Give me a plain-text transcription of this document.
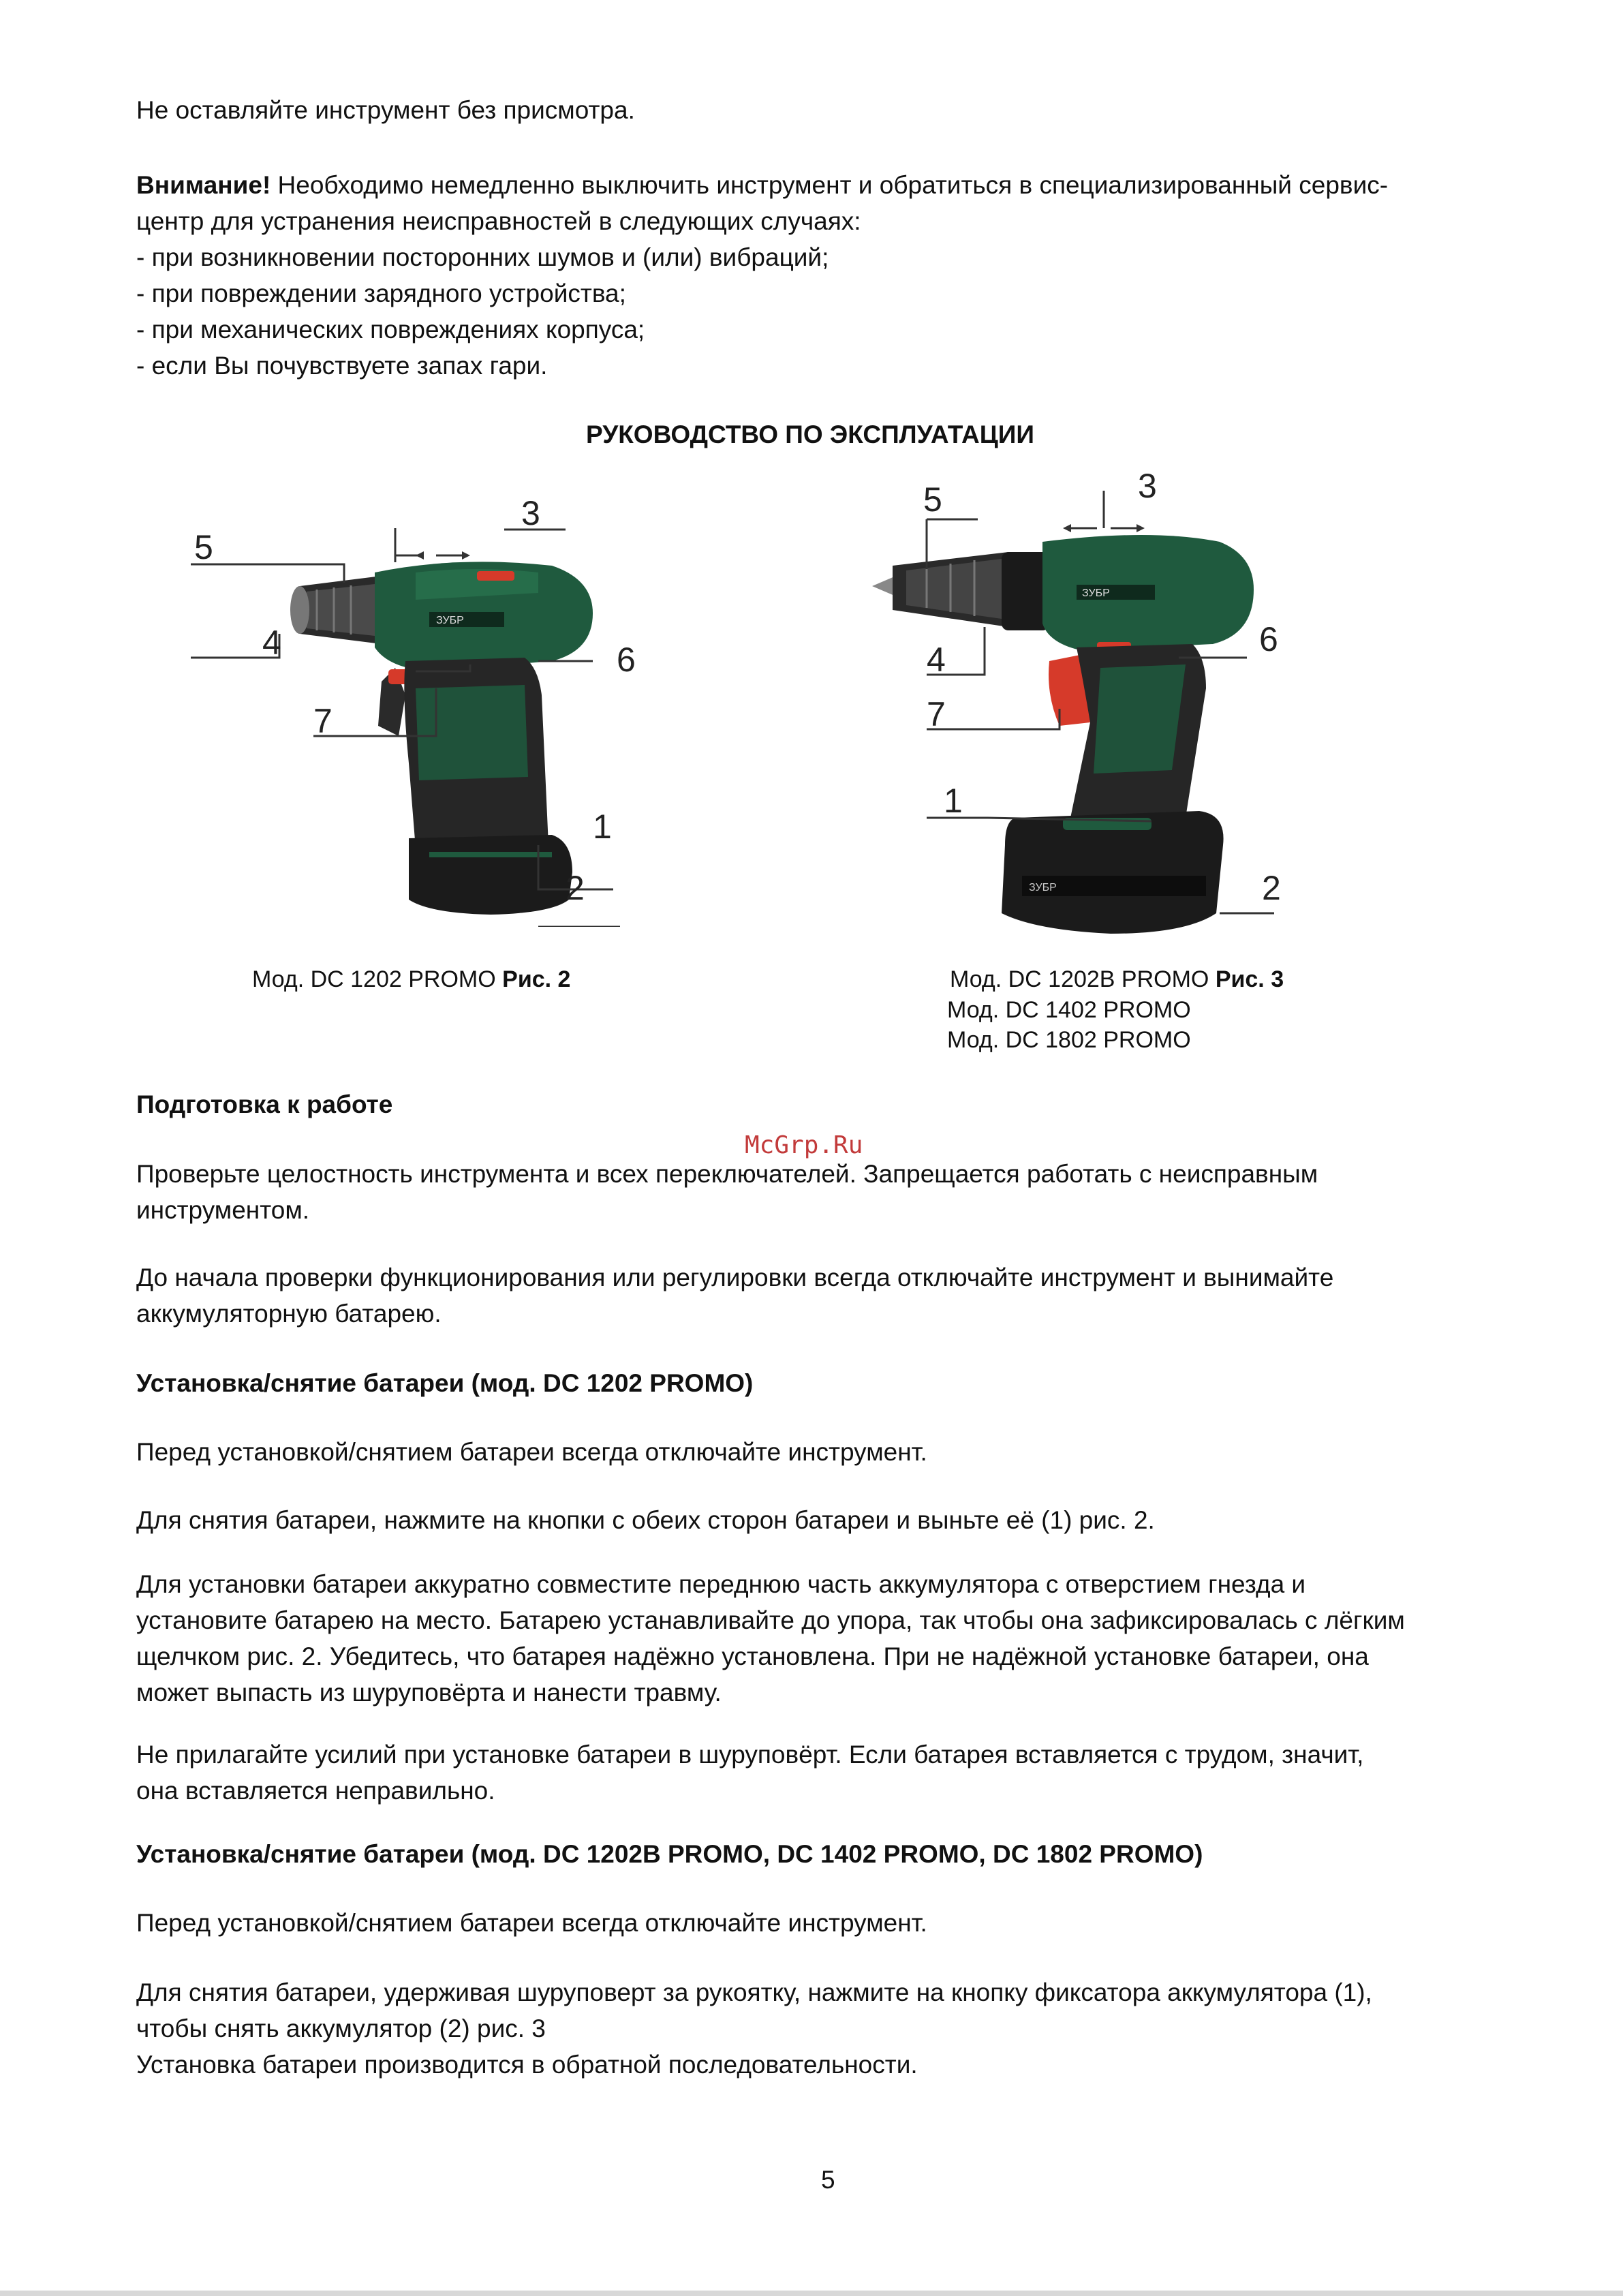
Не оставляйте инструмент без присмотра.

Внимание! Необходимо немедленно выключить инструмент и обратиться в специализированный сервис-
центр для устранения неисправностей в следующих случаях:
- при возникновении посторонних шумов и (или) вибраций;
- при повреждении зарядного устройства;
- при механических повреждениях корпуса;
- если Вы почувствуете запах гари.

РУКОВОДСТВО ПО ЭКСПЛУАТАЦИИ

ЗУБР
5
3
4	6
7
1
2
ЗУБР
ЗУБР
5	3
4
6
7
1
2

Мод. DC 1202 PROMO Рис. 2	Мод. DC 1202B PROMO Рис. 3

Мод. DC 1402 PROMO

Мод. DC 1802 PROMO

Подготовка к работе

McGrp.Ru

Проверьте целостность инструмента и всех переключателей. Запрещается работать с неисправным
инструментом.

До начала проверки функционирования или регулировки всегда отключайте инструмент и вынимайте
аккумуляторную батарею.

Установка/снятие батареи (мод. DC 1202 PROMO)

Перед установкой/снятием батареи всегда отключайте инструмент.

Для снятия батареи, нажмите на кнопки с обеих сторон батареи и выньте её (1) рис. 2.

Для установки батареи аккуратно совместите переднюю часть аккумулятора с отверстием гнезда и
установите батарею на место. Батарею устанавливайте до упора, так чтобы она зафиксировалась с лёгким
щелчком рис. 2. Убедитесь, что батарея надёжно установлена. При не надёжной установке батареи, она
может выпасть из шуруповёрта и нанести травму.

Не прилагайте усилий при установке батареи в шуруповёрт. Если батарея вставляется с трудом, значит,
она вставляется неправильно.

Установка/снятие батареи (мод. DC 1202B PROMO, DC 1402 PROMO, DC 1802 PROMO)

Перед установкой/снятием батареи всегда отключайте инструмент.

Для снятия батареи, удерживая шуруповерт за рукоятку, нажмите на кнопку фиксатора аккумулятора (1),
чтобы снять аккумулятор (2) рис. 3
Установка батареи производится в обратной последовательности.

5
